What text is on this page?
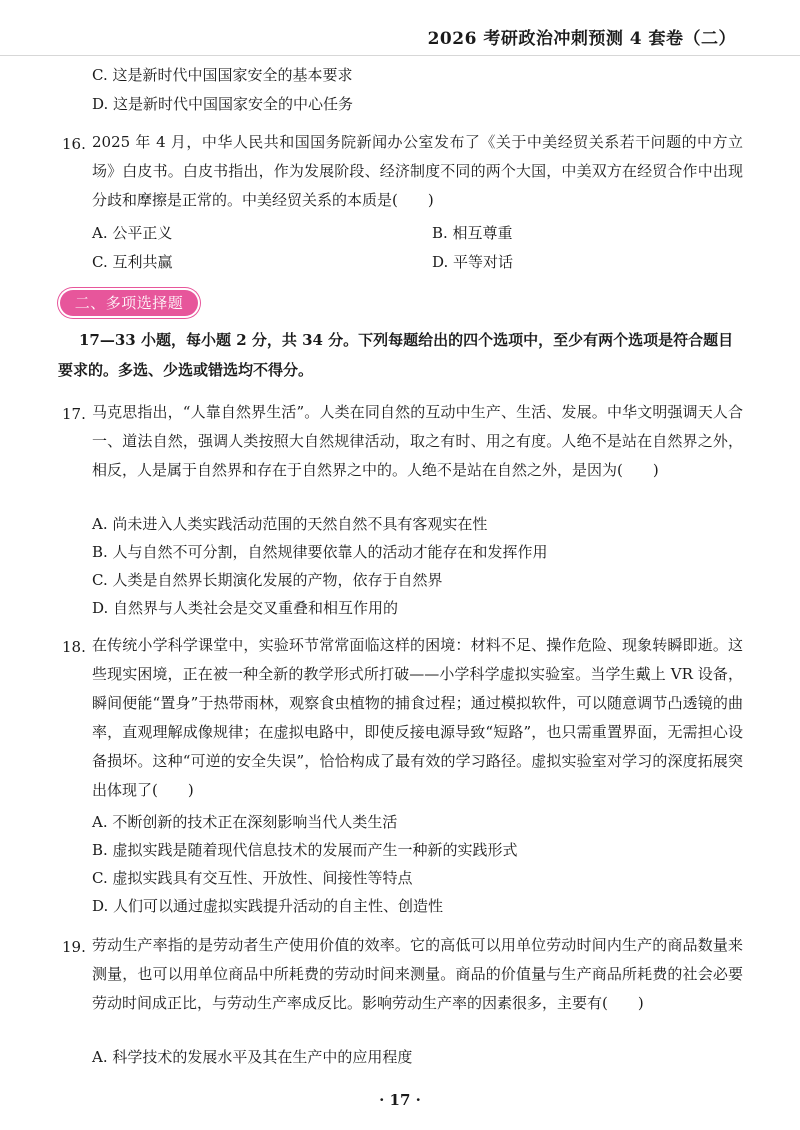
2026 考研政治冲刺预测 4 套卷（二）
C. 这是新时代中国国家安全的基本要求
D. 这是新时代中国国家安全的中心任务
16. 2025 年 4 月，中华人民共和国国务院新闻办公室发布了《关于中美经贸关系若干问题的中方立场》白皮书。白皮书指出，作为发展阶段、经济制度不同的两个大国，中美双方在经贸合作中出现分歧和摩擦是正常的。中美经贸关系的本质是(　　)

A. 公平正义	B. 相互尊重
C. 互利共赢	D. 平等对话
二、多项选择题

17—33 小题，每小题 2 分，共 34 分。下列每题给出的四个选项中，至少有两个选项是符合题目要求的。多选、少选或错选均不得分。

17. 马克思指出，“人靠自然界生活”。人类在同自然的互动中生产、生活、发展。中华文明强调天人合一、道法自然，强调人类按照大自然规律活动，取之有时、用之有度。人绝不是站在自然界之外，相反，人是属于自然界和存在于自然界之中的。人绝不是站在自然之外，是因为(　　)

A. 尚未进入人类实践活动范围的天然自然不具有客观实在性
B. 人与自然不可分割，自然规律要依靠人的活动才能存在和发挥作用
C. 人类是自然界长期演化发展的产物，依存于自然界
D. 自然界与人类社会是交叉重叠和相互作用的
18. 在传统小学科学课堂中，实验环节常常面临这样的困境：材料不足、操作危险、现象转瞬即逝。这些现实困境，正在被一种全新的教学形式所打破——小学科学虚拟实验室。当学生戴上 VR 设备，瞬间便能“置身”于热带雨林，观察食虫植物的捕食过程；通过模拟软件，可以随意调节凸透镜的曲率，直观理解成像规律；在虚拟电路中，即使反接电源导致“短路”，也只需重置界面，无需担心设备损坏。这种“可逆的安全失误”，恰恰构成了最有效的学习路径。虚拟实验室对学习的深度拓展突出体现了(　　)

A. 不断创新的技术正在深刻影响当代人类生活
B. 虚拟实践是随着现代信息技术的发展而产生一种新的实践形式
C. 虚拟实践具有交互性、开放性、间接性等特点
D. 人们可以通过虚拟实践提升活动的自主性、创造性
19. 劳动生产率指的是劳动者生产使用价值的效率。它的高低可以用单位劳动时间内生产的商品数量来测量，也可以用单位商品中所耗费的劳动时间来测量。商品的价值量与生产商品所耗费的社会必要劳动时间成正比，与劳动生产率成反比。影响劳动生产率的因素很多，主要有(　　)

A. 科学技术的发展水平及其在生产中的应用程度
· 17 ·
